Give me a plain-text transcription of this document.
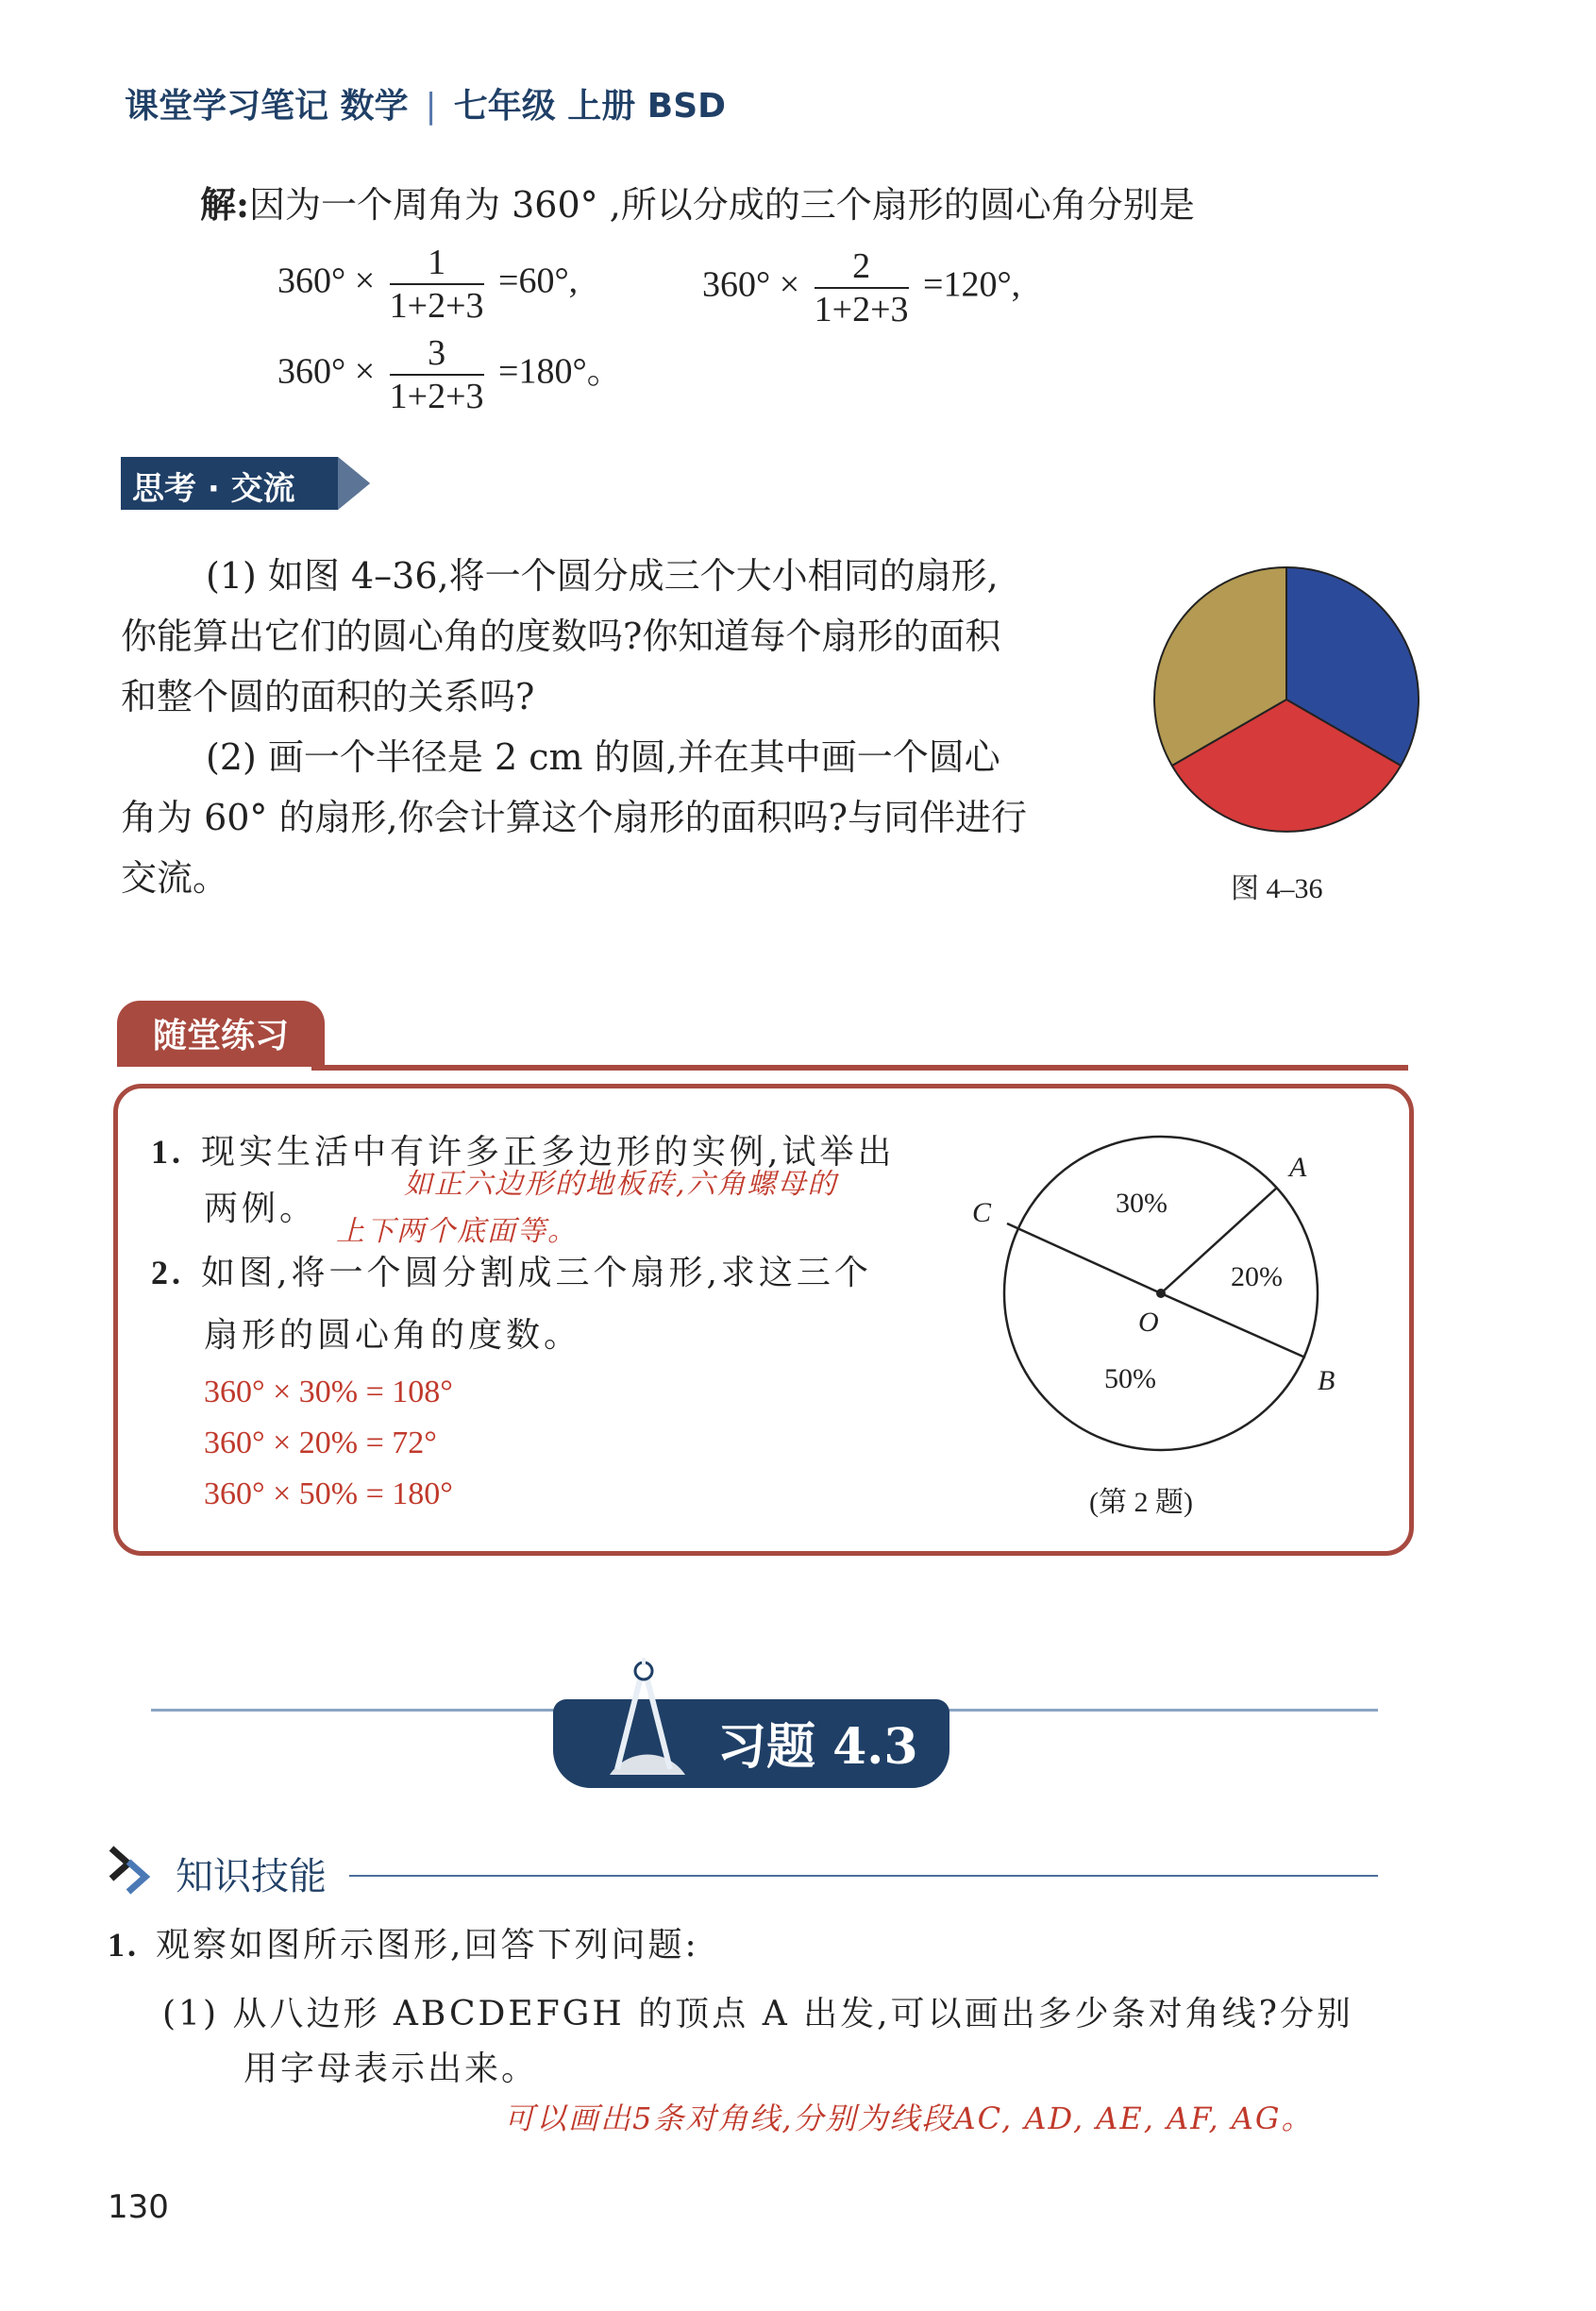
课堂学习笔记 数学 | 七年级 上册 BSD
解:因为一个周角为 360° ,所以分成的三个扇形的圆心角分别是
$360^\circ \times \frac{1}{1+2+3} =60^\circ$,	$360^\circ \times \frac{2}{1+2+3} =120^\circ$,
$360^\circ \times \frac{3}{1+2+3} =180^\circ$。
思考 · 交流

(1) 如图 4–36,将一个圆分成三个大小相同的扇形,

你能算出它们的圆心角的度数吗?你知道每个扇形的面积

和整个圆的面积的关系吗?

(2) 画一个半径是 2 cm 的圆,并在其中画一个圆心

角为 60° 的扇形,你会计算这个扇形的面积吗?与同伴进行

交流。	图 4–36
随堂练习
1. 现实生活中有许多正多边形的实例,试举出
两例。
如正六边形的地板砖,六角螺母的
上下两个底面等。
2. 如图,将一个圆分割成三个扇形,求这三个
扇形的圆心角的度数。
360° × 30% = 108°
360° × 20% = 72°
360° × 50% = 180°
A
B
C
O
30%
20%
50%
(第 2 题)
习题 4.3
知识技能
1. 观察如图所示图形,回答下列问题:
(1) 从八边形 ABCDEFGH 的顶点 A 出发,可以画出多少条对角线?分别
用字母表示出来。
可以画出5条对角线,分别为线段AC, AD, AE, AF, AG。
130
